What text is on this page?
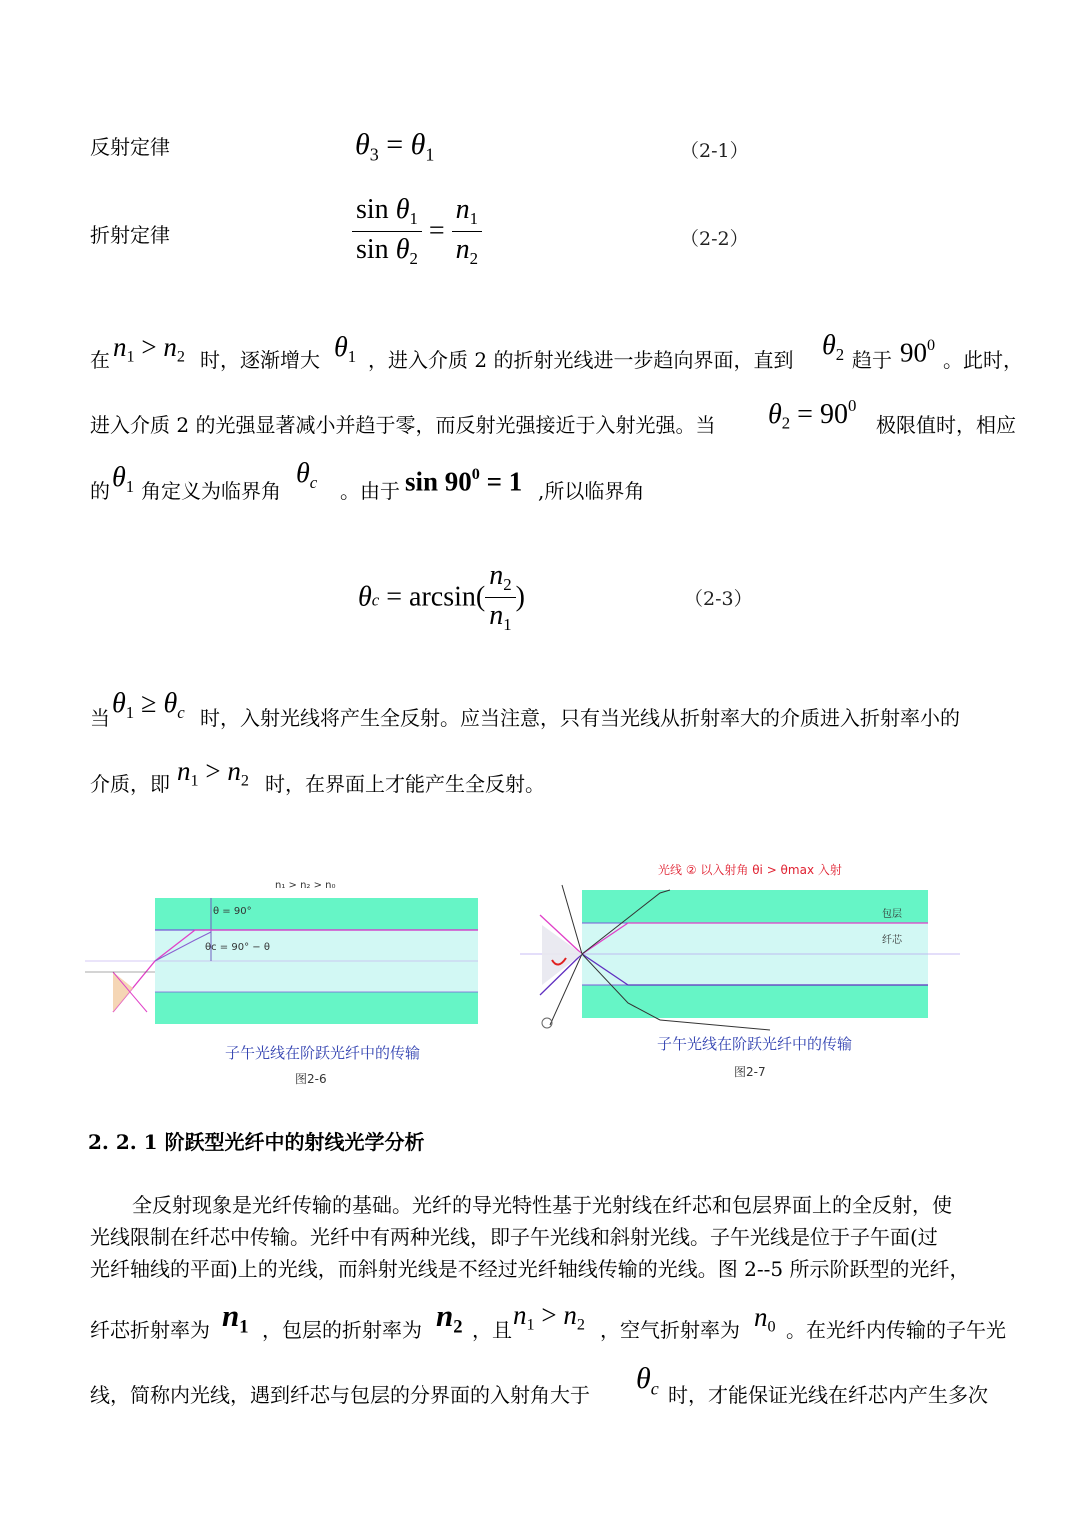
反射定律	$\theta_3 = \theta_1$	（2-1）
折射定律	$\frac{\sin \theta_1}{\sin \theta_2} = \frac{n_1}{n_2}$	（2-2）
在 $n_1 > n_2$ 时，逐渐增大 $\theta_1$ ，进入介质 2 的折射光线进一步趋向界面，直到 $\theta_2$ 趋于 $90^0$
。此时，
进入介质 2 的光强显著减小并趋于零，而反射光强接近于入射光强。当 $\theta_2 = 90^0$
极限值时，相应
的 $\theta_1$ 角定义为临界角
$\theta_c$ 。由于 $\sin 90^0 = 1$ ,所以临界角
$\theta c = \arcsin( \frac{n_2}{n_1}$ )	（2-3）
当 $\theta_1 \ge \theta_c$ 时，入射光线将产生全反射。应当注意，只有当光线从折射率大的介质进入折射率小的
介质，即 $n_1 > n_2$ 时，在界面上才能产生全反射。
n₁ > n₂ > n₀
θ = 90°
θc = 90° − θ
子午光线在阶跃光纤中的传输
图2-6
光线 ② 以入射角 θi > θmax 入射
包层
纤芯
子午光线在阶跃光纤中的传输
图2-7
2. 2. 1 阶跃型光纤中的射线光学分析
全反射现象是光纤传输的基础。光纤的导光特性基于光射线在纤芯和包层界面上的全反射，使
光线限制在纤芯中传输。光纤中有两种光线，即子午光线和斜射光线。子午光线是位于子午面(过
光纤轴线的平面)上的光线，而斜射光线是不经过光纤轴线传输的光线。图 2--5 所示阶跃型的光纤，
纤芯折射率为 $n_1$ ，包层的折射率为 $n_2$ ，且 $n_1 > n_2$ ，空气折射率为 $n_0$ 。在光纤内传输的子午光
线，简称内光线，遇到纤芯与包层的分界面的入射角大于 $\theta_c$ 时，才能保证光线在纤芯内产生多次
